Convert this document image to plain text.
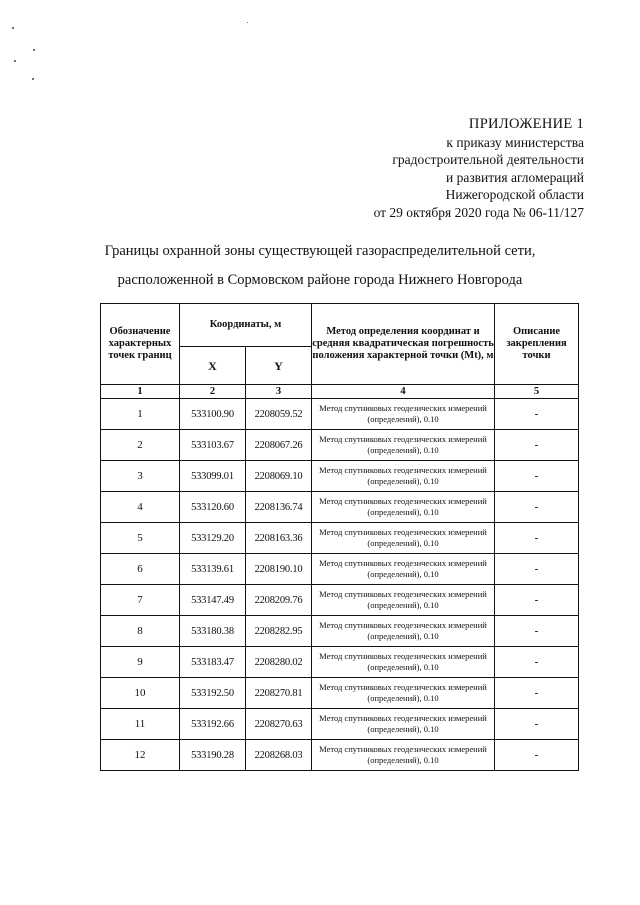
ПРИЛОЖЕНИЕ 1
к приказу министерства
градостроительной деятельности
и развития агломераций
Нижегородской области
от 29 октября 2020 года № 06-11/127
Границы охранной зоны существующей газораспределительной сети,
расположенной в Сормовском районе города Нижнего Новгорода
Обозначение характерных точек границ	Координаты, м		Метод определения координат и средняя квадратическая погрешность положения характерной точки (Mt), м	Описание закрепления точки
	X	Y		
1	2	3	4	5
1	533100.90	2208059.52	Метод спутниковых геодезических измерений (определений), 0.10	-
2	533103.67	2208067.26	Метод спутниковых геодезических измерений (определений), 0.10	-
3	533099.01	2208069.10	Метод спутниковых геодезических измерений (определений), 0.10	-
4	533120.60	2208136.74	Метод спутниковых геодезических измерений (определений), 0.10	-
5	533129.20	2208163.36	Метод спутниковых геодезических измерений (определений), 0.10	-
6	533139.61	2208190.10	Метод спутниковых геодезических измерений (определений), 0.10	-
7	533147.49	2208209.76	Метод спутниковых геодезических измерений (определений), 0.10	-
8	533180.38	2208282.95	Метод спутниковых геодезических измерений (определений), 0.10	-
9	533183.47	2208280.02	Метод спутниковых геодезических измерений (определений), 0.10	-
10	533192.50	2208270.81	Метод спутниковых геодезических измерений (определений), 0.10	-
11	533192.66	2208270.63	Метод спутниковых геодезических измерений (определений), 0.10	-
12	533190.28	2208268.03	Метод спутниковых геодезических измерений (определений), 0.10	-
